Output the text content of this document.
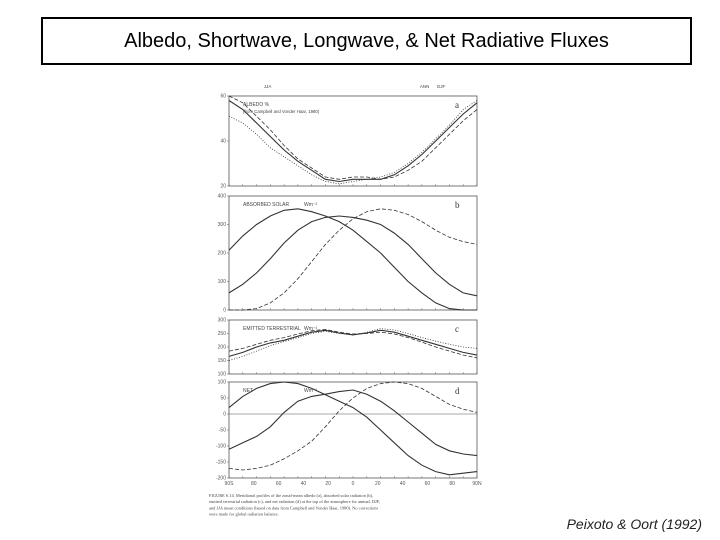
Albedo, Shortwave, Longwave, & Net Radiative Fluxes
20
40
60
ALBEDO %
(from Campbell and Vonder Haar, 1980)
a
JJA	ANN DJF
0
100
200
300
400
ABSORBED SOLAR	Wm⁻²	b
100
150
200
250
300
EMITTED TERRESTRIAL Wm⁻²	c
-200
-150
-100
-50
0
50
100
NET	Wm⁻²	d
90S	80	60	40	20	0	20	40	60	80	90N
FIGURE 6.14. Meridional profiles of the zonal-mean albedo (a), absorbed solar radiation (b),
emitted terrestrial radiation (c), and net radiation (d) at the top of the atmosphere for annual, DJF,
and JJA mean conditions (based on data from Campbell and Vonder Haar, 1980). No corrections
were made for global radiation balance.
Peixoto & Oort (1992)
